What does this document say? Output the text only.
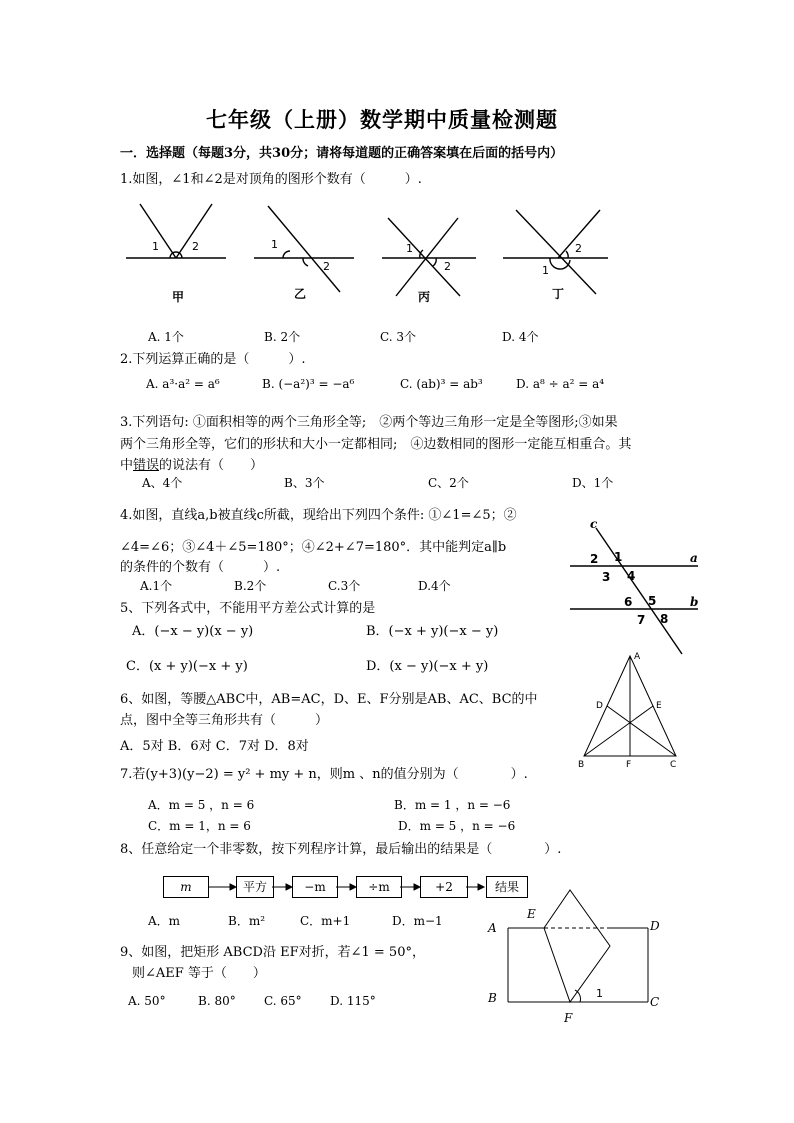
七年级（上册）数学期中质量检测题
一．选择题（每题3分，共30分；请将每道题的正确答案填在后面的括号内）
1.如图，∠1和∠2是对顶角的图形个数有（　　　）.
1	2	1
2
1
2	1
2
甲	乙	丙	丁
A. 1个	B. 2个	C. 3个	D. 4个
2.下列运算正确的是（　　　）.
A. a³·a² = a⁶	B. (−a²)³ = −a⁶	C. (ab)³ = ab³	D. a⁸ ÷ a² = a⁴
3.下列语句: ①面积相等的两个三角形全等;　②两个等边三角形一定是全等图形;③如果
两个三角形全等，它们的形状和大小一定都相同;　④边数相同的图形一定能互相重合。其
中错误的说法有（　　）
A、4个	B、3个	C、2个	D、1个
4.如图，直线a,b被直线c所截，现给出下列四个条件: ①∠1=∠5；②
∠4=∠6；③∠4＋∠5=180°；④∠2+∠7=180°．其中能判定a∥b
的条件的个数有（　　　）.
A.1个	B.2个	C.3个	D.4个
c
a
b
1
2
3 4
5
6
7 8
5、下列各式中，不能用平方差公式计算的是
A．(−x − y)(x − y)	B．(−x + y)(−x − y)
C．(x + y)(−x + y)	D．(x − y)(−x + y)
6、如图，等腰△ABC中，AB=AC，D、E、F分别是AB、AC、BC的中
点，图中全等三角形共有（　　　）
A．5对 B．6对 C．7对 D．8对
A
B	C
D	E
F
7.若(y+3)(y−2) = y² + my + n，则m 、n的值分别为（　　　　）.
A．m = 5 ，n = 6	B．m = 1 ，n = −6
C．m = 1，n = 6	D．m = 5 ，n = −6
8、任意给定一个非零数，按下列程序计算，最后输出的结果是（　　　　）.
m	平方	−m	÷m	+2	结果
A．m	B．m²	C．m+1	D．m−1
9、如图，把矩形 ABCD沿 EF对折，若∠1 = 50°，
则∠AEF 等于（　　）
A. 50°	B. 80° C. 65° D. 115°
A
B	C
D
E
F
1
